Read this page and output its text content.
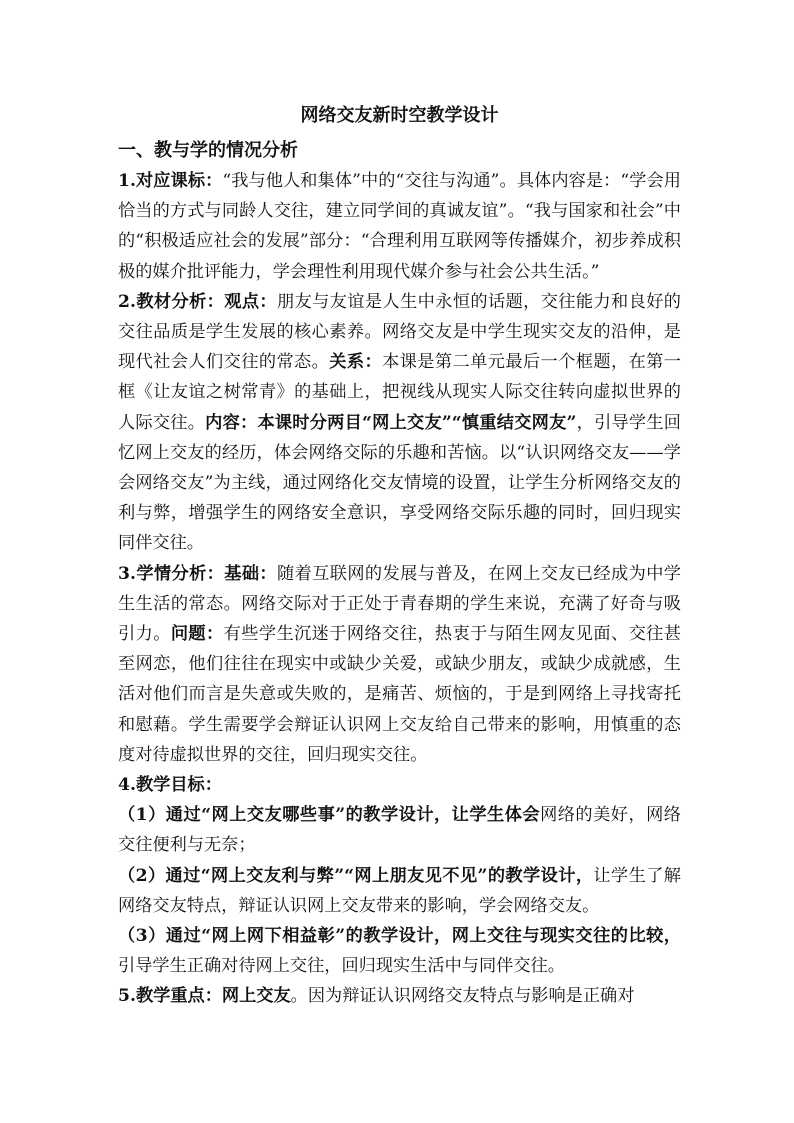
网络交友新时空教学设计

一、教与学的情况分析

1.对应课标：“我与他人和集体”中的“交往与沟通”。具体内容是：“学会用恰当的方式与同龄人交往，建立同学间的真诚友谊”。“我与国家和社会”中的“积极适应社会的发展”部分：“合理利用互联网等传播媒介，初步养成积极的媒介批评能力，学会理性利用现代媒介参与社会公共生活。”

2.教材分析：观点：朋友与友谊是人生中永恒的话题，交往能力和良好的交往品质是学生发展的核心素养。网络交友是中学生现实交友的沿伸，是现代社会人们交往的常态。关系：本课是第二单元最后一个框题，在第一框《让友谊之树常青》的基础上，把视线从现实人际交往转向虚拟世界的人际交往。内容：本课时分两目“网上交友”“慎重结交网友”，引导学生回忆网上交友的经历，体会网络交际的乐趣和苦恼。以“认识网络交友——学会网络交友”为主线，通过网络化交友情境的设置，让学生分析网络交友的利与弊，增强学生的网络安全意识，享受网络交际乐趣的同时，回归现实同伴交往。

3.学情分析：基础：随着互联网的发展与普及，在网上交友已经成为中学生生活的常态。网络交际对于正处于青春期的学生来说，充满了好奇与吸引力。问题：有些学生沉迷于网络交往，热衷于与陌生网友见面、交往甚至网恋，他们往往在现实中或缺少关爱，或缺少朋友，或缺少成就感，生活对他们而言是失意或失败的，是痛苦、烦恼的，于是到网络上寻找寄托和慰藉。学生需要学会辩证认识网上交友给自己带来的影响，用慎重的态度对待虚拟世界的交往，回归现实交往。

4.教学目标：

（1）通过“网上交友哪些事”的教学设计，让学生体会网络的美好，网络交往便利与无奈；

（2）通过“网上交友利与弊”“网上朋友见不见”的教学设计，让学生了解网络交友特点，辩证认识网上交友带来的影响，学会网络交友。

（3）通过“网上网下相益彰”的教学设计，网上交往与现实交往的比较，引导学生正确对待网上交往，回归现实生活中与同伴交往。

5.教学重点：网上交友。因为辩证认识网络交友特点与影响是正确对
